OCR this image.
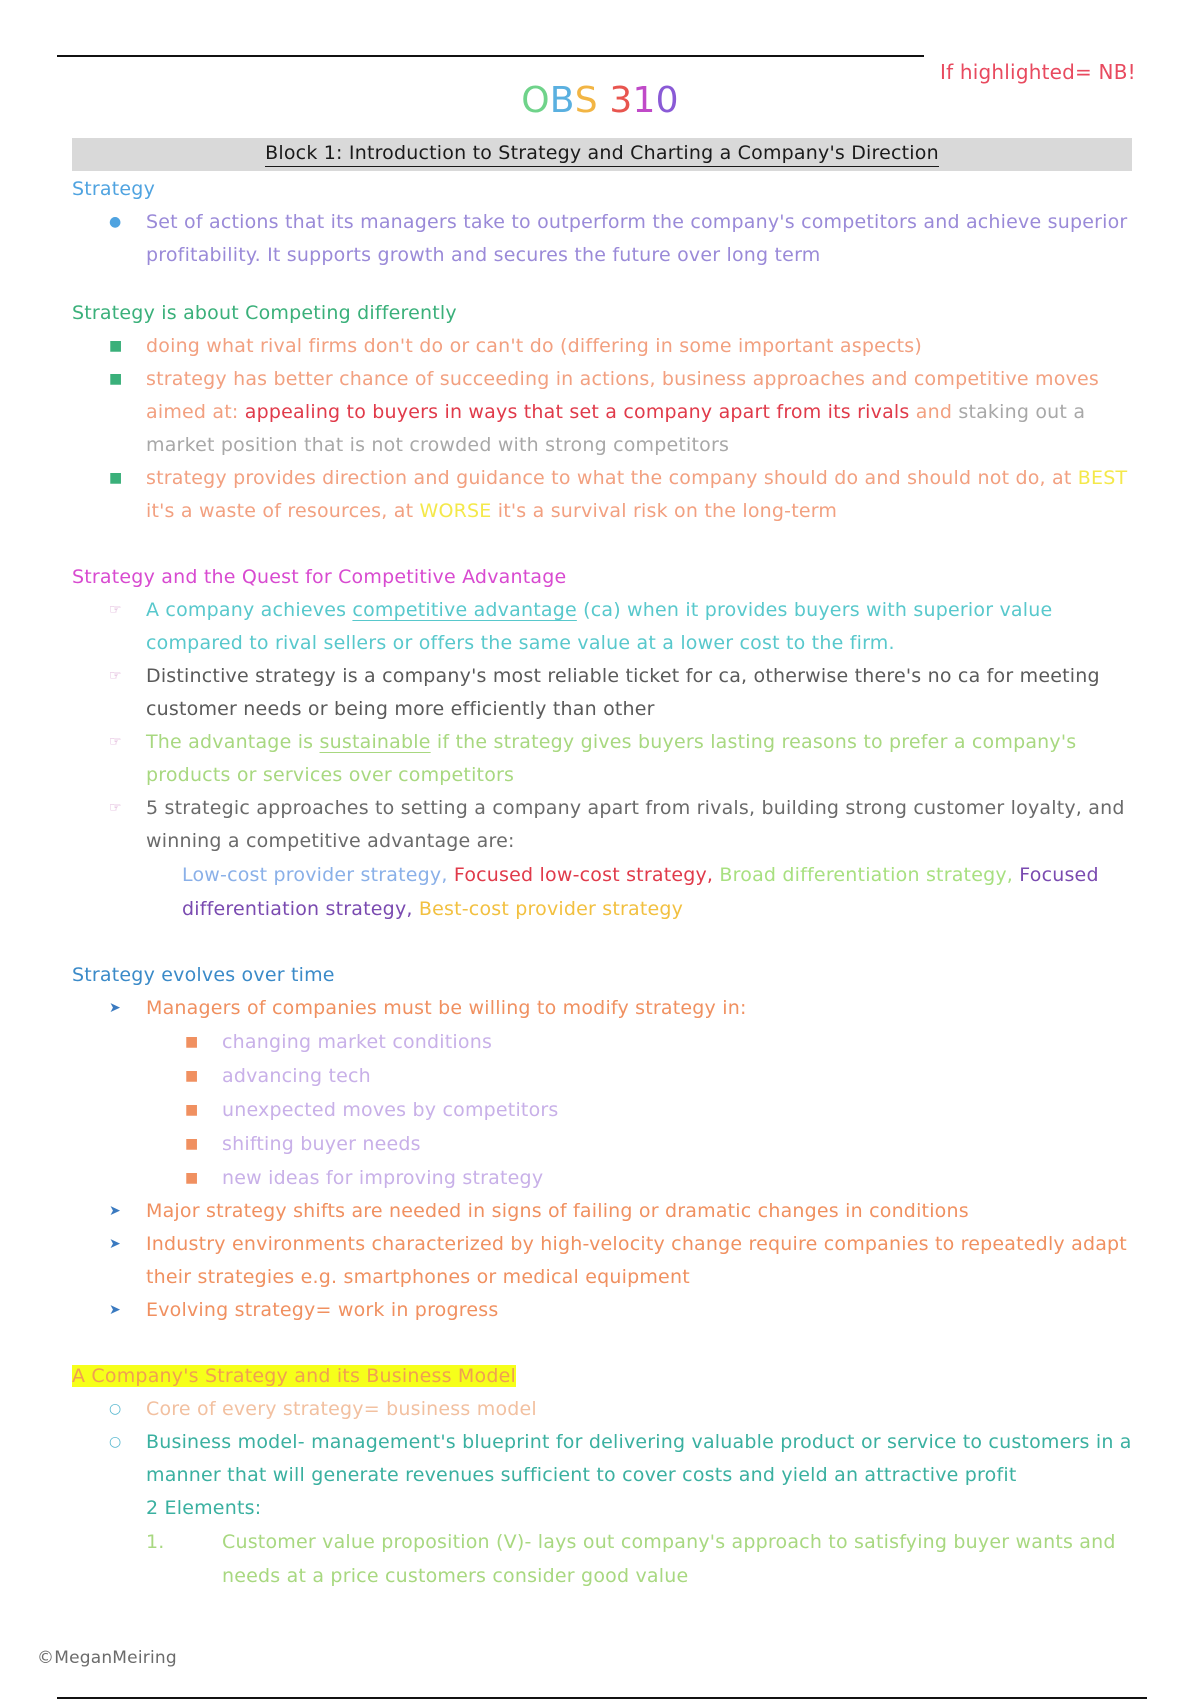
If highlighted= NB!
OBS 310
Block 1: Introduction to Strategy and Charting a Company's Direction
Strategy
● Set of actions that its managers take to outperform the company's competitors and achieve superior profitability. It supports growth and secures the future over long term
Strategy is about Competing differently
■ doing what rival firms don't do or can't do (differing in some important aspects)
■ strategy has better chance of succeeding in actions, business approaches and competitive moves aimed at: appealing to buyers in ways that set a company apart from its rivals and staking out a market position that is not crowded with strong competitors
■ strategy provides direction and guidance to what the company should do and should not do, at BEST it's a waste of resources, at WORSE it's a survival risk on the long-term
Strategy and the Quest for Competitive Advantage
☞ A company achieves competitive advantage (ca) when it provides buyers with superior value compared to rival sellers or offers the same value at a lower cost to the firm.
☞ Distinctive strategy is a company's most reliable ticket for ca, otherwise there's no ca for meeting customer needs or being more efficiently than other
☞ The advantage is sustainable if the strategy gives buyers lasting reasons to prefer a company's products or services over competitors
☞ 5 strategic approaches to setting a company apart from rivals, building strong customer loyalty, and winning a competitive advantage are:
Low-cost provider strategy, Focused low-cost strategy, Broad differentiation strategy, Focused differentiation strategy, Best-cost provider strategy
Strategy evolves over time
➤ Managers of companies must be willing to modify strategy in:
■ changing market conditions
■ advancing tech
■ unexpected moves by competitors
■ shifting buyer needs
■ new ideas for improving strategy
➤ Major strategy shifts are needed in signs of failing or dramatic changes in conditions
➤ Industry environments characterized by high-velocity change require companies to repeatedly adapt their strategies e.g. smartphones or medical equipment
➤ Evolving strategy= work in progress
A Company's Strategy and its Business Model
○ Core of every strategy= business model
○ Business model- management's blueprint for delivering valuable product or service to customers in a manner that will generate revenues sufficient to cover costs and yield an attractive profit
2 Elements:
1.	Customer value proposition (V)- lays out company's approach to satisfying buyer wants and needs at a price customers consider good value
©MeganMeiring
